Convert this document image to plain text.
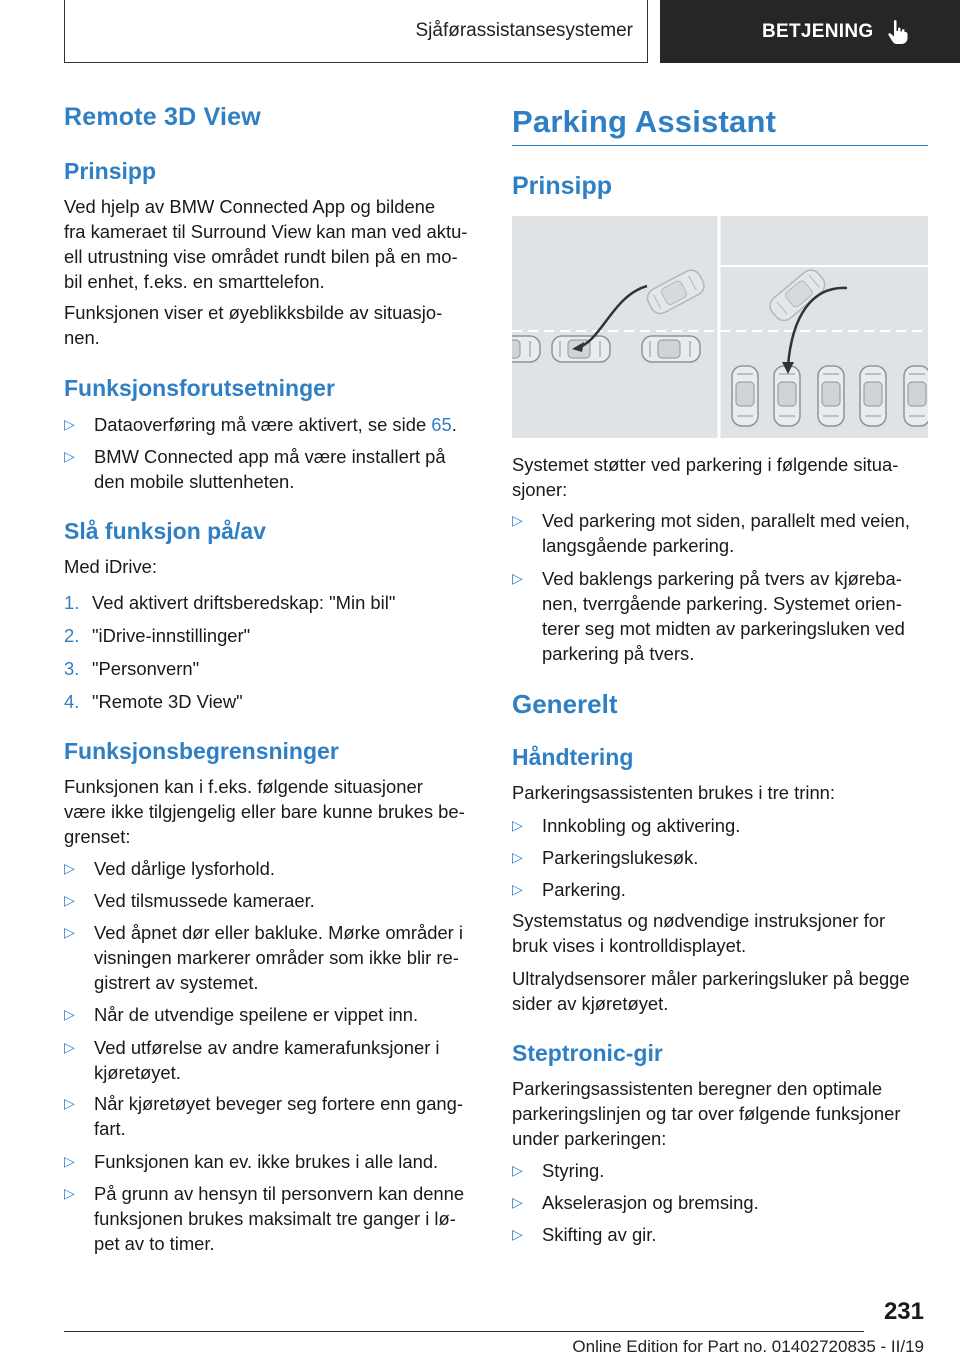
Sjåførassistansesystemer	BETJENING
Remote 3D View
Prinsipp

Ved hjelp av BMW Connected App og bildene
fra kameraet til Surround View kan man ved aktu-
ell utrustning vise området rundt bilen på en mo-
bil enhet, f.eks. en smarttelefon.

Funksjonen viser et øyeblikksbilde av situasjo-
nen.

Funksjonsforutsetninger
▷	Dataoverføring må være aktivert, se side 65.
▷	BMW Connected app må være installert på
den mobile sluttenheten.
Slå funksjon på/av

Med iDrive:

1. Ved aktivert driftsberedskap: "Min bil"
2. "iDrive-innstillinger"
3. "Personvern"
4. "Remote 3D View"
Funksjonsbegrensninger

Funksjonen kan i f.eks. følgende situasjoner
være ikke tilgjengelig eller bare kunne brukes be-
grenset:

▷	Ved dårlige lysforhold.
▷	Ved tilsmussede kameraer.
▷	Ved åpnet dør eller bakluke. Mørke områder i
visningen markerer områder som ikke blir re-
gistrert av systemet.
▷	Når de utvendige speilene er vippet inn.
▷	Ved utførelse av andre kamerafunksjoner i
kjøretøyet.
▷	Når kjøretøyet beveger seg fortere enn gang-
fart.
▷	Funksjonen kan ev. ikke brukes i alle land.
▷	På grunn av hensyn til personvern kan denne
funksjonen brukes maksimalt tre ganger i lø-
pet av to timer.
Parking Assistant
Prinsipp

Systemet støtter ved parkering i følgende situa-
sjoner:

▷	Ved parkering mot siden, parallelt med veien,
langsgående parkering.
▷	Ved baklengs parkering på tvers av kjøreba-
nen, tverrgående parkering. Systemet orien-
terer seg mot midten av parkeringsluken ved
parkering på tvers.
Generelt
Håndtering

Parkeringsassistenten brukes i tre trinn:

▷	Innkobling og aktivering.
▷	Parkeringslukesøk.
▷	Parkering.

Systemstatus og nødvendige instruksjoner for
bruk vises i kontrolldisplayet.

Ultralydsensorer måler parkeringsluker på begge
sider av kjøretøyet.

Steptronic-gir

Parkeringsassistenten beregner den optimale
parkeringslinjen og tar over følgende funksjoner
under parkeringen:

▷	Styring.
▷	Akselerasjon og bremsing.
▷	Skifting av gir.
231
Online Edition for Part no. 01402720835 - II/19
